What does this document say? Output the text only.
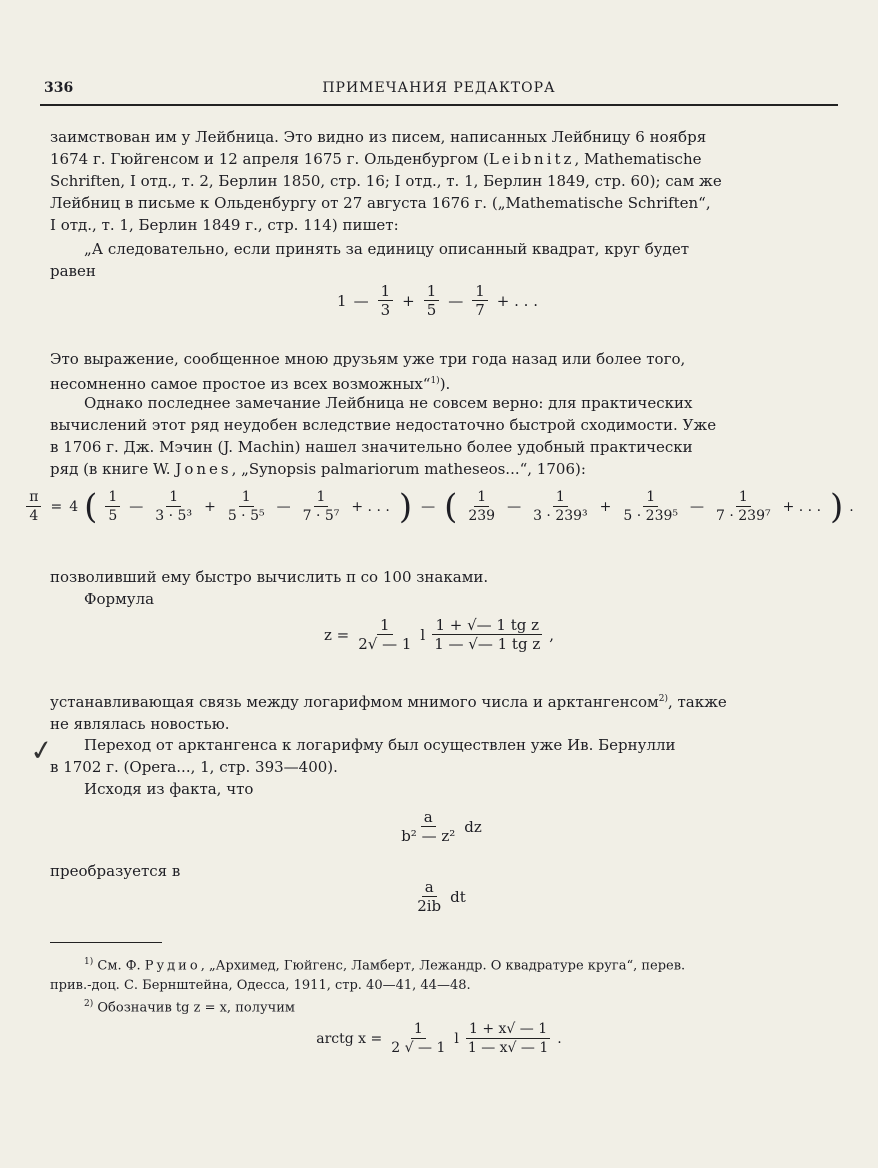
336	ПРИМЕЧАНИЯ РЕДАКТОРА
заимствован им у Лейбница. Это видно из писем, написанных Лейбницу 6 ноября
1674 г. Гюйгенсом и 12 апреля 1675 г. Ольденбургом (Leibnitz, Mathematische
Schriften, I отд., т. 2, Берлин 1850, стр. 16; I отд., т. 1, Берлин 1849, стр. 60); сам же
Лейбниц в письме к Ольденбургу от 27 августа 1676 г. („Mathematische Schriften“,
I отд., т. 1, Берлин 1849 г., стр. 114) пишет:
„А следовательно, если принять за единицу описанный квадрат, круг будет
равен
1 — $\frac{1}{3} + \frac{1}{5}$ — $\frac{1}{7}$ + . . .
Это выражение, сообщенное мною друзьям уже три года назад или более того,
несомненно самое простое из всех возможных“$^{1)}$).
Однако последнее замечание Лейбница не совсем верно: для практических
вычислений этот ряд неудобен вследствие недостаточно быстрой сходимости. Уже
в 1706 г. Дж. Мэчин (J. Machin) нашел значительно более удобный практически
ряд (в книге W. Jones, „Synopsis palmariorum matheseos...“, 1706):
$\frac{\pi}{4} = 4$ ( $\frac{1}{5}$ — $\frac{1}{\text{3 · 5³}} + \frac{1}{\text{5 · 5⁵}}$ — $\frac{1}{\text{7 · 5⁷}}$ + . . . ) — ( $\frac{1}{239}$ — $\frac{1}{\text{3 · 239³}} + \frac{1}{\text{5 · 239⁵}}$ — $\frac{1}{\text{7 · 239⁷}}$ + . . . ) .
позволивший ему быстро вычислить π со 100 знаками.
Формула
$z = \frac{1}{2√ — 1}$ l $\frac{\text{1 + √— 1 tg z}}{\text{1 — √— 1 tg z}}$ ,
устанавливающая связь между логарифмом мнимого числа и арктангенсом$^{2)}$, также
не являлась новостью.
✓	Переход от арктангенса к логарифму был осуществлен уже Ив. Бернулли
в 1702 г. (Opera..., 1, стр. 393—400).
Исходя из факта, что
$\frac{a}{\text{b² — z²}}$ dz
преобразуется в
$\frac{a}{2ib}$ dt
$^{1)}$ См. Ф. Рудио, „Архимед, Гюйгенс, Ламберт, Лежандр. О квадратуре круга“, перев.
прив.-доц. С. Бернштейна, Одесса, 1911, стр. 40—41, 44—48.
$^{2)}$ Обозначив tg z = x, получим
arctg $x = \frac{1}{2 √ — 1}$ l $\frac{1 + x√ — 1}{1 — x√ — 1}$ .
